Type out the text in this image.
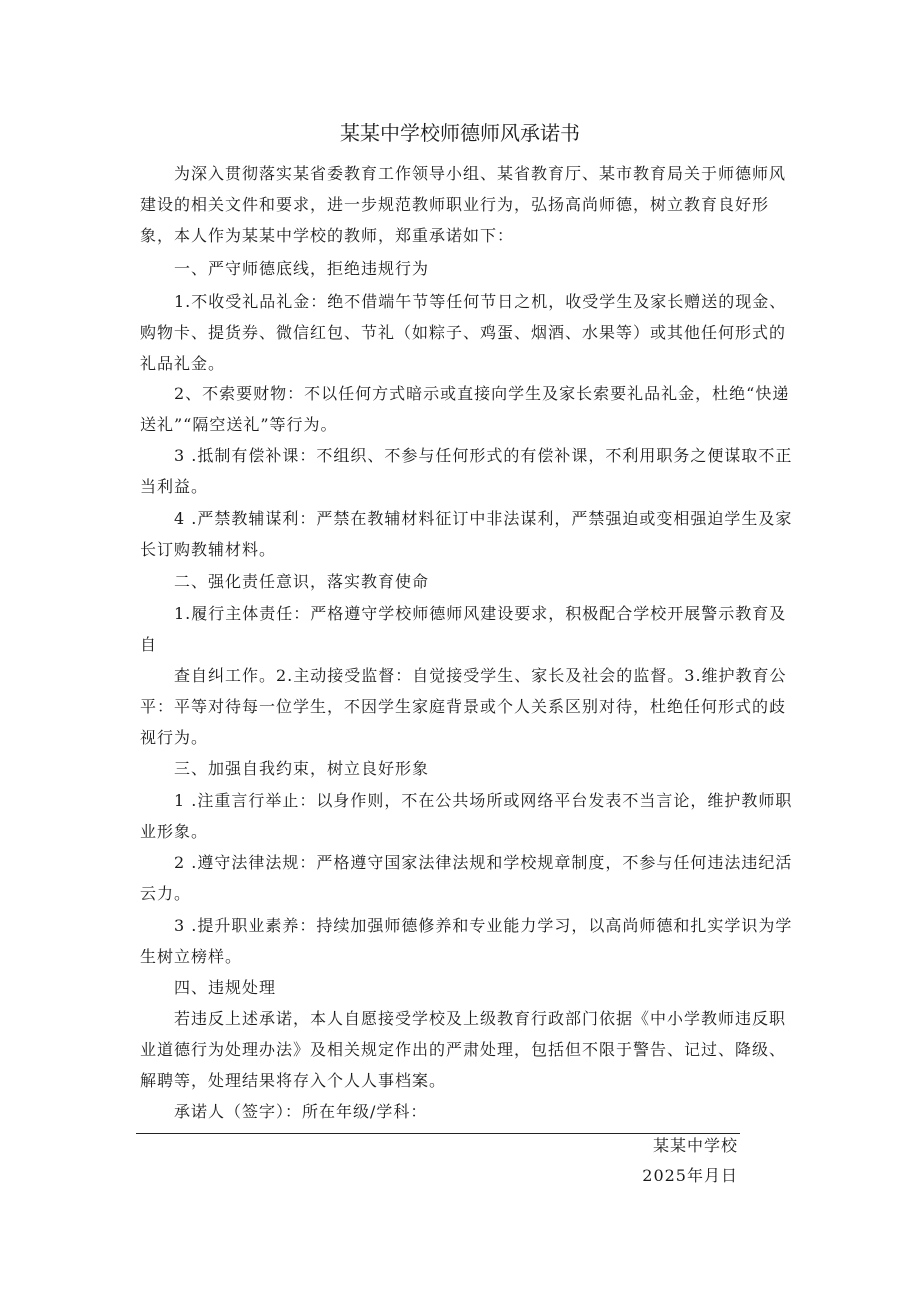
某某中学校师德师风承诺书
为深入贯彻落实某省委教育工作领导小组、某省教育厅、某市教育局关于师德师风建设的相关文件和要求，进一步规范教师职业行为，弘扬高尚师德，树立教育良好形象，本人作为某某中学校的教师，郑重承诺如下：
一、严守师德底线，拒绝违规行为
1.不收受礼品礼金：绝不借端午节等任何节日之机，收受学生及家长赠送的现金、购物卡、提货券、微信红包、节礼（如粽子、鸡蛋、烟酒、水果等）或其他任何形式的礼品礼金。
2、不索要财物：不以任何方式暗示或直接向学生及家长索要礼品礼金，杜绝“快递送礼”“隔空送礼”等行为。
3 .抵制有偿补课：不组织、不参与任何形式的有偿补课，不利用职务之便谋取不正当利益。
4 .严禁教辅谋利：严禁在教辅材料征订中非法谋利，严禁强迫或变相强迫学生及家长订购教辅材料。
二、强化责任意识，落实教育使命
1.履行主体责任：严格遵守学校师德师风建设要求，积极配合学校开展警示教育及自
查自纠工作。2.主动接受监督：自觉接受学生、家长及社会的监督。3.维护教育公平：平等对待每一位学生，不因学生家庭背景或个人关系区别对待，杜绝任何形式的歧视行为。
三、加强自我约束，树立良好形象
1 .注重言行举止：以身作则，不在公共场所或网络平台发表不当言论，维护教师职业形象。
2 .遵守法律法规：严格遵守国家法律法规和学校规章制度，不参与任何违法违纪活云力。
3 .提升职业素养：持续加强师德修养和专业能力学习，以高尚师德和扎实学识为学生树立榜样。
四、违规处理
若违反上述承诺，本人自愿接受学校及上级教育行政部门依据《中小学教师违反职业道德行为处理办法》及相关规定作出的严肃处理，包括但不限于警告、记过、降级、解聘等，处理结果将存入个人人事档案。
承诺人（签字）：所在年级/学科：
某某中学校
2025年月日
